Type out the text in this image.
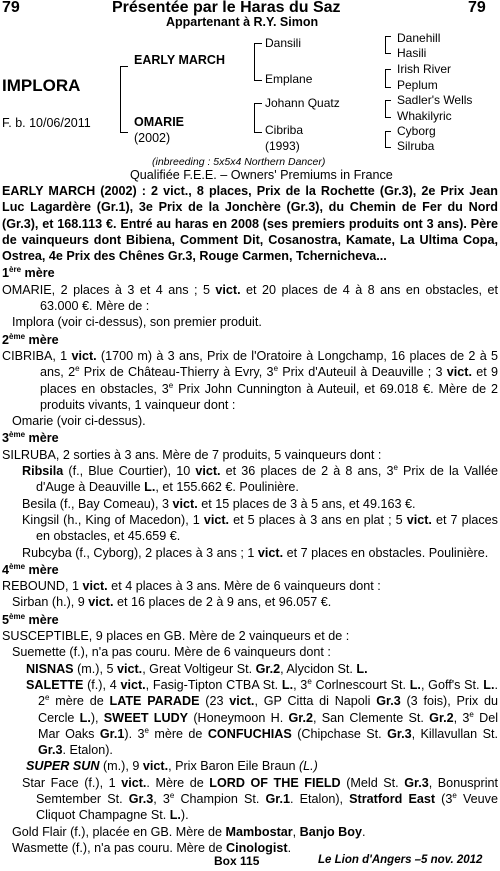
79	Présentée par le Haras du Saz	79
Appartenant à R.Y. Simon
IMPLORA
F. b. 10/06/2011
EARLY MARCH
OMARIE
(2002)
Dansili
Emplane
Johann Quatz
Cibriba
(1993)
Danehill
Hasili
Irish River
Peplum
Sadler's Wells
Whakilyric
Cyborg
Silruba
(inbreeding : 5x5x4 Northern Dancer)
Qualifiée F.E.E. – Owners' Premiums in France

EARLY MARCH (2002) : 2 vict., 8 places, Prix de la Rochette (Gr.3), 2e Prix Jean Luc Lagardère (Gr.1), 3e Prix de la Jonchère (Gr.3), du Chemin de Fer du Nord (Gr.3), et 168.113 €. Entré au haras en 2008 (ses premiers produits ont 3 ans). Père de vainqueurs dont Bibiena, Comment Dit, Cosanostra, Kamate, La Ultima Copa, Ostrea, 4e Prix des Chênes Gr.3, Rouge Carmen, Tchernicheva...

1ère mère

OMARIE, 2 places à 3 et 4 ans ; 5 vict. et 20 places de 4 à 8 ans en obstacles, et 63.000 €. Mère de :

Implora (voir ci-dessus), son premier produit.

2ème mère

CIBRIBA, 1 vict. (1700 m) à 3 ans, Prix de l'Oratoire à Longchamp, 16 places de 2 à 5 ans, 2e Prix de Château-Thierry à Evry, 3e Prix d'Auteuil à Deauville ; 3 vict. et 9 places en obstacles, 3e Prix John Cunnington à Auteuil, et 69.018 €. Mère de 2 produits vivants, 1 vainqueur dont :

Omarie (voir ci-dessus).

3ème mère

SILRUBA, 2 sorties à 3 ans. Mère de 7 produits, 5 vainqueurs dont :

Ribsila (f., Blue Courtier), 10 vict. et 36 places de 2 à 8 ans, 3e Prix de la Vallée d'Auge à Deauville L., et 155.662 €. Poulinière.

Besila (f., Bay Comeau), 3 vict. et 15 places de 3 à 5 ans, et 49.163 €.

Kingsil (h., King of Macedon), 1 vict. et 5 places à 3 ans en plat ; 5 vict. et 7 places en obstacles, et 45.659 €.

Rubcyba (f., Cyborg), 2 places à 3 ans ; 1 vict. et 7 places en obstacles. Poulinière.

4ème mère

REBOUND, 1 vict. et 4 places à 3 ans. Mère de 6 vainqueurs dont :

Sirban (h.), 9 vict. et 16 places de 2 à 9 ans, et 96.057 €.

5ème mère

SUSCEPTIBLE, 9 places en GB. Mère de 2 vainqueurs et de :

Suemette (f.), n'a pas couru. Mère de 6 vainqueurs dont :

NISNAS (m.), 5 vict., Great Voltigeur St. Gr.2, Alycidon St. L.

SALETTE (f.), 4 vict., Fasig-Tipton CTBA St. L., 3e Corlnescourt St. L., Goff's St. L.. 2e mère de LATE PARADE (23 vict., GP Citta di Napoli Gr.3 (3 fois), Prix du Cercle L.), SWEET LUDY (Honeymoon H. Gr.2, San Clemente St. Gr.2, 3e Del Mar Oaks Gr.1). 3e mère de CONFUCHIAS (Chipchase St. Gr.3, Killavullan St. Gr.3. Etalon).

SUPER SUN (m.), 9 vict., Prix Baron Eile Braun (L.)

Star Face (f.), 1 vict.. Mère de LORD OF THE FIELD (Meld St. Gr.3, Bonusprint Semtember St. Gr.3, 3e Champion St. Gr.1. Etalon), Stratford East (3e Veuve Cliquot Champagne St. L.).

Gold Flair (f.), placée en GB. Mère de Mambostar, Banjo Boy.

Wasmette (f.), n'a pas couru. Mère de Cinologist.

Box 115	Le Lion d'Angers –5 nov. 2012
